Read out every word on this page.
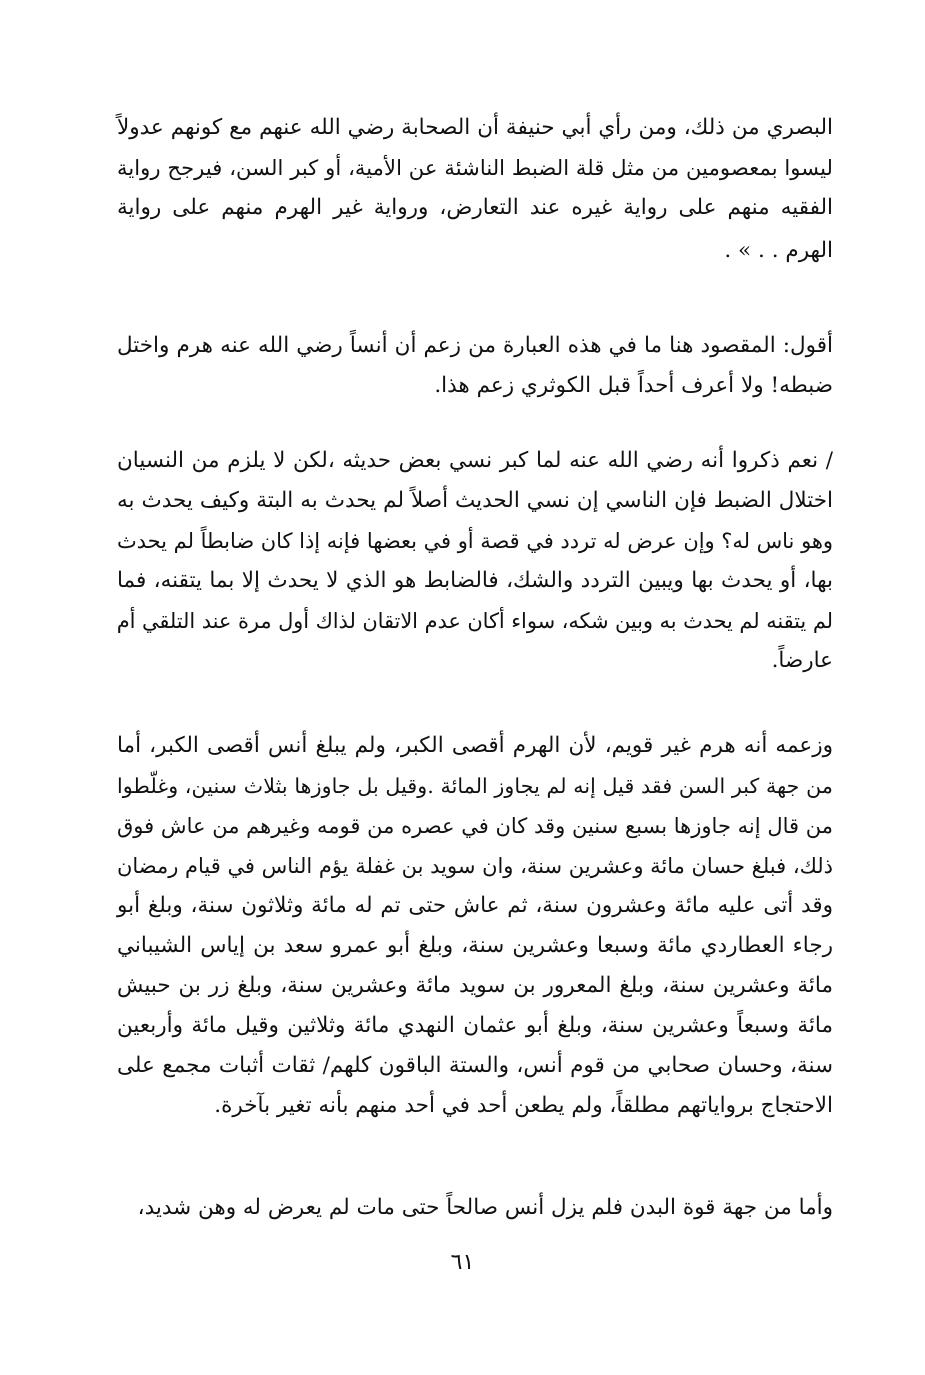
البصري من ذلك، ومن رأي أبي حنيفة أن الصحابة رضي الله عنهم مع كونهم عدولاً
ليسوا بمعصومين من مثل قلة الضبط الناشئة عن الأمية، أو كبر السن، فيرجح رواية
الفقيه منهم على رواية غيره عند التعارض، ورواية غير الهرم منهم على رواية
الهرم . . » .
أقول: المقصود هنا ما في هذه العبارة من زعم أن أنساً رضي الله عنه هرم واختل
ضبطه! ولا أعرف أحداً قبل الكوثري زعم هذا.
/ نعم ذكروا أنه رضي الله عنه لما كبر نسي بعض حديثه ،لكن لا يلزم من النسيان
اختلال الضبط فإن الناسي إن نسي الحديث أصلاً لم يحدث به البتة وكيف يحدث به
وهو ناس له؟ وإن عرض له تردد في قصة أو في بعضها فإنه إذا كان ضابطاً لم يحدث
بها، أو يحدث بها ويبين التردد والشك، فالضابط هو الذي لا يحدث إلا بما يتقنه، فما
لم يتقنه لم يحدث به وبين شكه، سواء أكان عدم الاتقان لذاك أول مرة عند التلقي أم
عارضاً.
وزعمه أنه هرم غير قويم، لأن الهرم أقصى الكبر، ولم يبلغ أنس أقصى الكبر، أما
من جهة كبر السن فقد قيل إنه لم يجاوز المائة .وقيل بل جاوزها بثلاث سنين، وغلّطوا
من قال إنه جاوزها بسبع سنين وقد كان في عصره من قومه وغيرهم من عاش فوق
ذلك، فبلغ حسان مائة وعشرين سنة، وان سويد بن غفلة يؤم الناس في قيام رمضان
وقد أتى عليه مائة وعشرون سنة، ثم عاش حتى تم له مائة وثلاثون سنة، وبلغ أبو
رجاء العطاردي مائة وسبعا وعشرين سنة، وبلغ أبو عمرو سعد بن إياس الشيباني
مائة وعشرين سنة، وبلغ المعرور بن سويد مائة وعشرين سنة، وبلغ زر بن حبيش
مائة وسبعاً وعشرين سنة، وبلغ أبو عثمان النهدي مائة وثلاثين وقيل مائة وأربعين
سنة، وحسان صحابي من قوم أنس، والستة الباقون كلهم/ ثقات أثبات مجمع على
الاحتجاج برواياتهم مطلقاً، ولم يطعن أحد في أحد منهم بأنه تغير بآخرة.
وأما من جهة قوة البدن فلم يزل أنس صالحاً حتى مات لم يعرض له وهن شديد،
٦١
